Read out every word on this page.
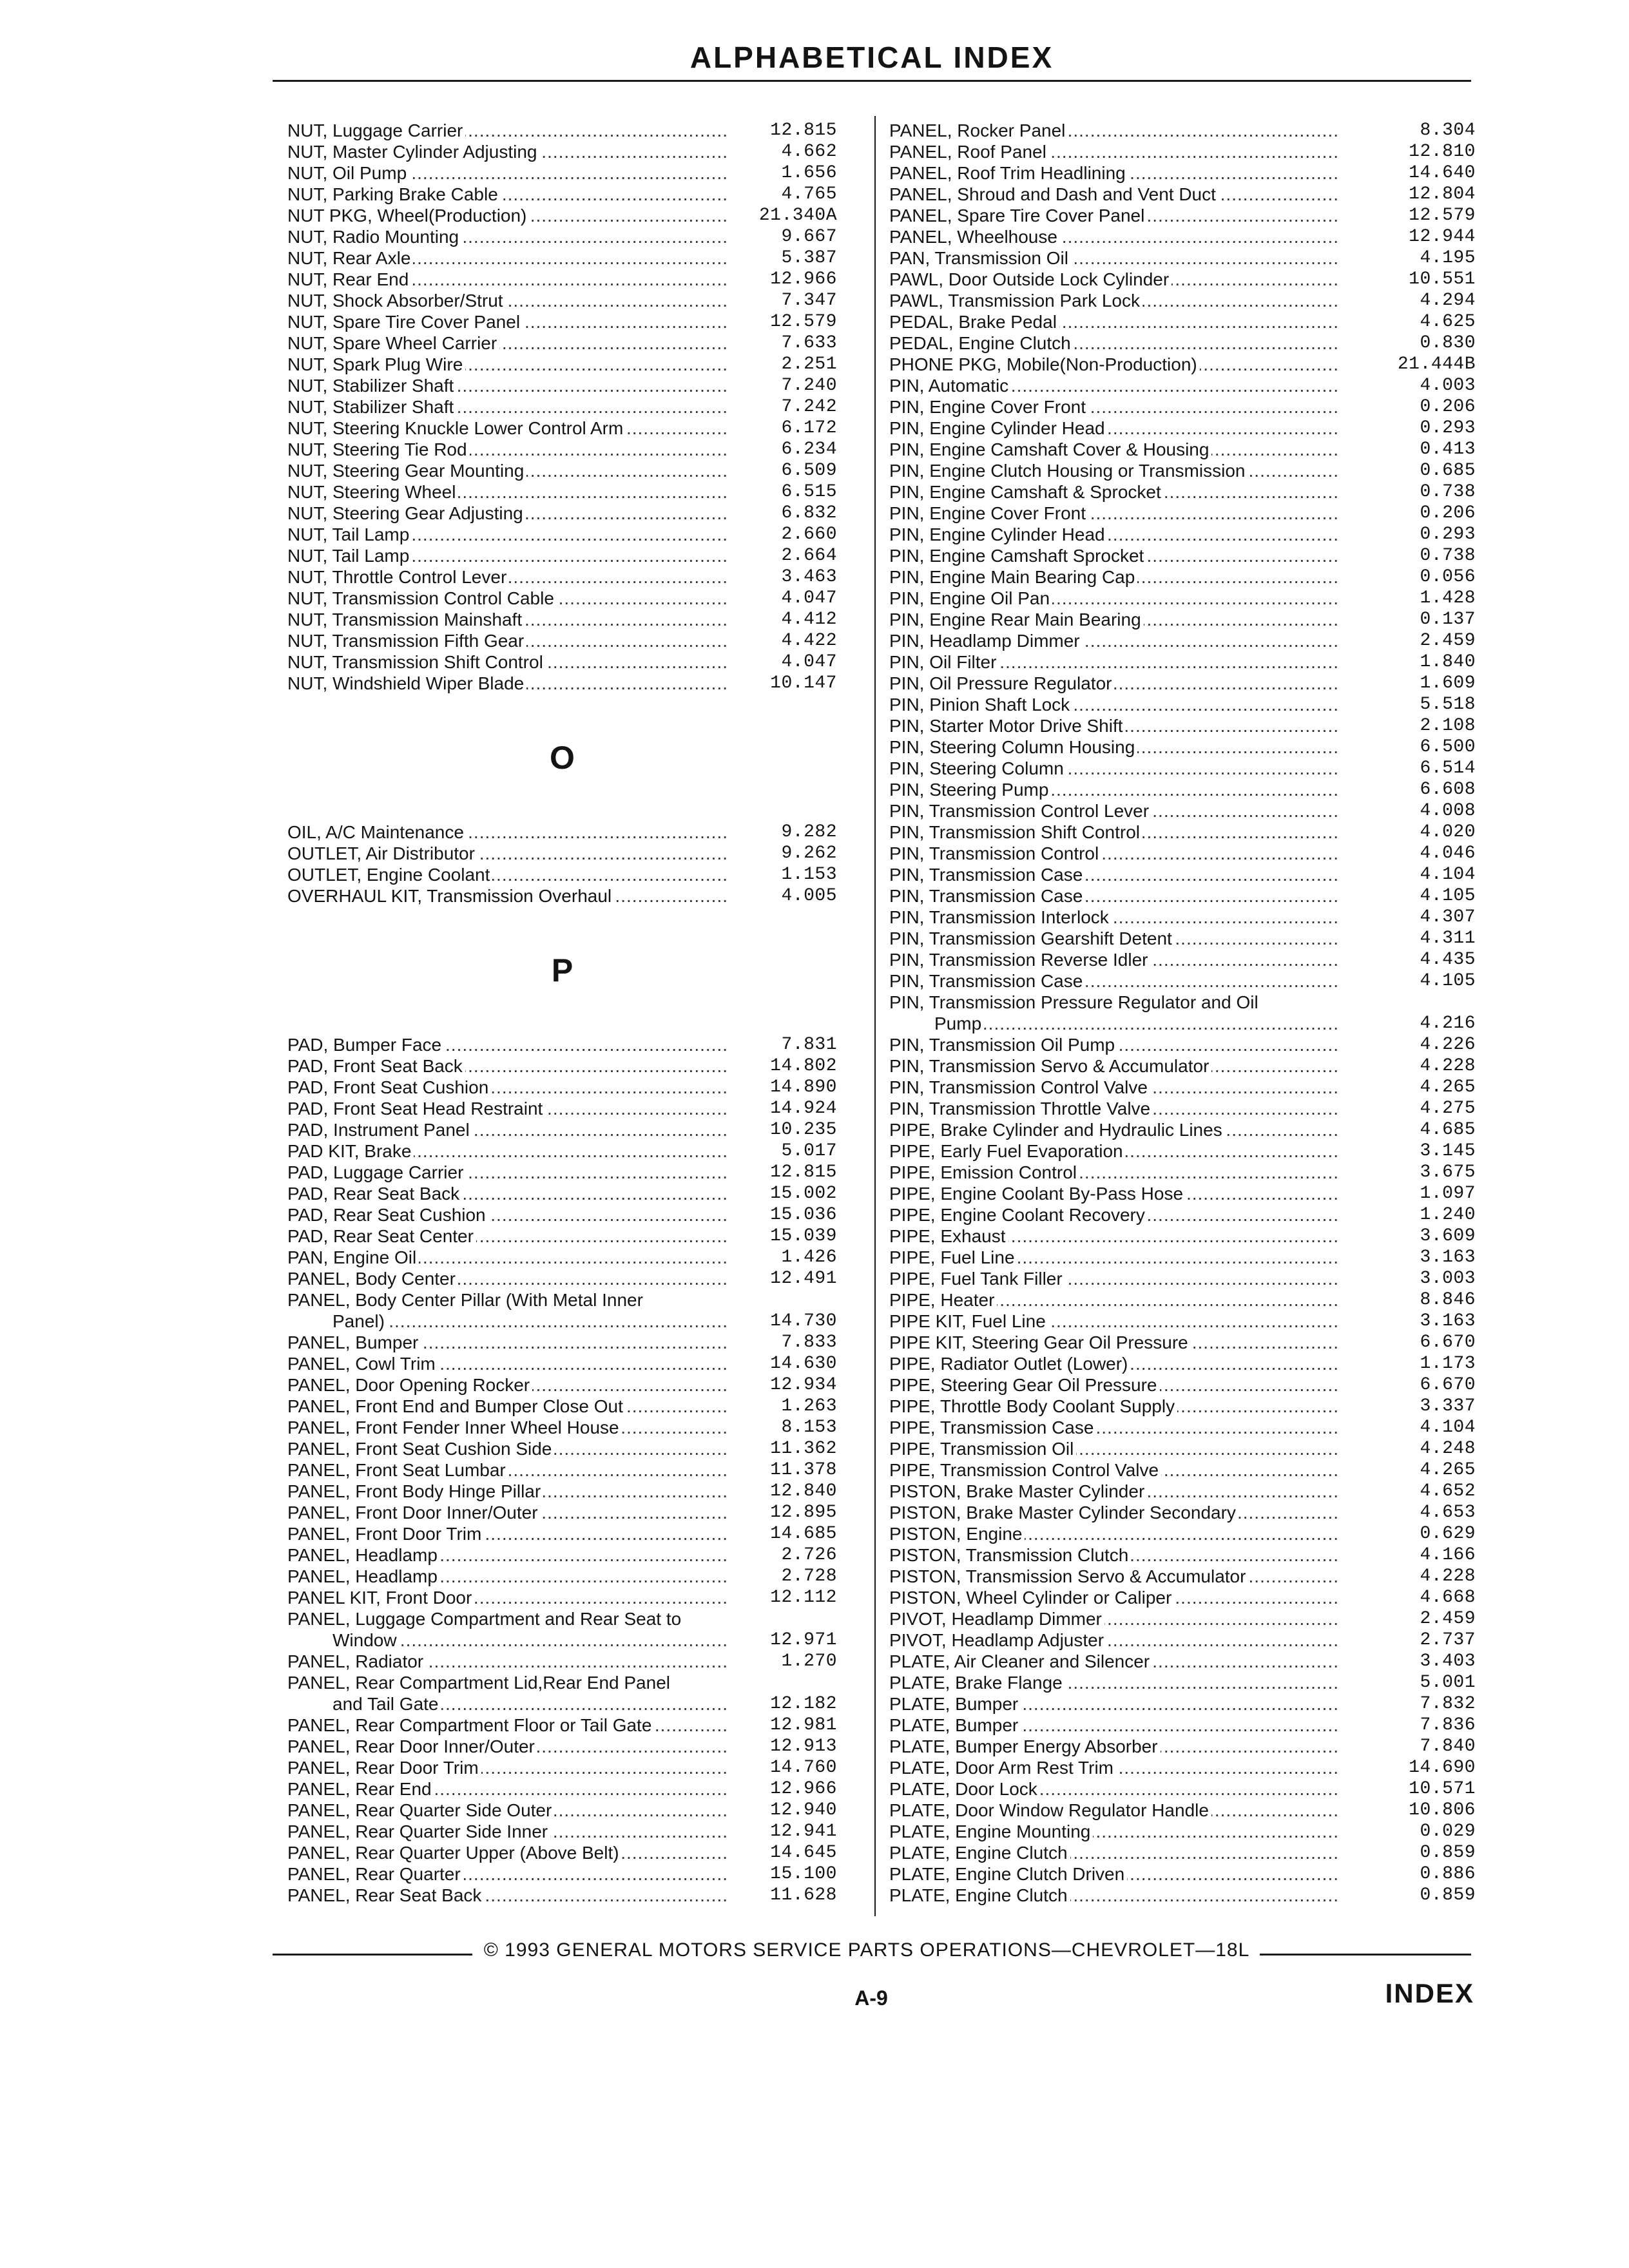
ALPHABETICAL INDEX
NUT, Luggage Carrier .....	12.815
NUT, Master Cylinder Adjusting .....	4.662
NUT, Oil Pump .....	1.656
NUT, Parking Brake Cable .....	4.765
NUT PKG, Wheel(Production) .....	21.340A
NUT, Radio Mounting .....	9.667
NUT, Rear Axle .....	5.387
NUT, Rear End .....	12.966
NUT, Shock Absorber/Strut .....	7.347
NUT, Spare Tire Cover Panel .....	12.579
NUT, Spare Wheel Carrier .....	7.633
NUT, Spark Plug Wire .....	2.251
NUT, Stabilizer Shaft .....	7.240
NUT, Stabilizer Shaft .....	7.242
NUT, Steering Knuckle Lower Control Arm .....	6.172
NUT, Steering Tie Rod .....	6.234
NUT, Steering Gear Mounting .....	6.509
NUT, Steering Wheel .....	6.515
NUT, Steering Gear Adjusting .....	6.832
NUT, Tail Lamp .....	2.660
NUT, Tail Lamp .....	2.664
NUT, Throttle Control Lever .....	3.463
NUT, Transmission Control Cable .....	4.047
NUT, Transmission Mainshaft .....	4.412
NUT, Transmission Fifth Gear .....	4.422
NUT, Transmission Shift Control .....	4.047
NUT, Windshield Wiper Blade .....	10.147
O
OIL, A/C Maintenance .....	9.282
OUTLET, Air Distributor .....	9.262
OUTLET, Engine Coolant .....	1.153
OVERHAUL KIT, Transmission Overhaul .....	4.005
P
PAD, Bumper Face .....	7.831
PAD, Front Seat Back .....	14.802
PAD, Front Seat Cushion .....	14.890
PAD, Front Seat Head Restraint .....	14.924
PAD, Instrument Panel .....	10.235
PAD KIT, Brake .....	5.017
PAD, Luggage Carrier .....	12.815
PAD, Rear Seat Back .....	15.002
PAD, Rear Seat Cushion .....	15.036
PAD, Rear Seat Center .....	15.039
PAN, Engine Oil .....	1.426
PANEL, Body Center .....	12.491
PANEL, Body Center Pillar (With Metal Inner
Panel) .....	14.730
PANEL, Bumper .....	7.833
PANEL, Cowl Trim .....	14.630
PANEL, Door Opening Rocker .....	12.934
PANEL, Front End and Bumper Close Out .....	1.263
PANEL, Front Fender Inner Wheel House .....	8.153
PANEL, Front Seat Cushion Side .....	11.362
PANEL, Front Seat Lumbar .....	11.378
PANEL, Front Body Hinge Pillar .....	12.840
PANEL, Front Door Inner/Outer .....	12.895
PANEL, Front Door Trim .....	14.685
PANEL, Headlamp .....	2.726
PANEL, Headlamp .....	2.728
PANEL KIT, Front Door .....	12.112
PANEL, Luggage Compartment and Rear Seat to
Window .....	12.971
PANEL, Radiator .....	1.270
PANEL, Rear Compartment Lid,Rear End Panel
and Tail Gate .....	12.182
PANEL, Rear Compartment Floor or Tail Gate .....	12.981
PANEL, Rear Door Inner/Outer .....	12.913
PANEL, Rear Door Trim .....	14.760
PANEL, Rear End .....	12.966
PANEL, Rear Quarter Side Outer .....	12.940
PANEL, Rear Quarter Side Inner .....	12.941
PANEL, Rear Quarter Upper (Above Belt) .....	14.645
PANEL, Rear Quarter .....	15.100
PANEL, Rear Seat Back .....	11.628
PANEL, Rocker Panel .....	8.304
PANEL, Roof Panel .....	12.810
PANEL, Roof Trim Headlining .....	14.640
PANEL, Shroud and Dash and Vent Duct .....	12.804
PANEL, Spare Tire Cover Panel .....	12.579
PANEL, Wheelhouse .....	12.944
PAN, Transmission Oil .....	4.195
PAWL, Door Outside Lock Cylinder .....	10.551
PAWL, Transmission Park Lock .....	4.294
PEDAL, Brake Pedal .....	4.625
PEDAL, Engine Clutch .....	0.830
PHONE PKG, Mobile(Non-Production) .....	21.444B
PIN, Automatic .....	4.003
PIN, Engine Cover Front .....	0.206
PIN, Engine Cylinder Head .....	0.293
PIN, Engine Camshaft Cover & Housing .....	0.413
PIN, Engine Clutch Housing or Transmission .....	0.685
PIN, Engine Camshaft & Sprocket .....	0.738
PIN, Engine Cover Front .....	0.206
PIN, Engine Cylinder Head .....	0.293
PIN, Engine Camshaft Sprocket .....	0.738
PIN, Engine Main Bearing Cap .....	0.056
PIN, Engine Oil Pan .....	1.428
PIN, Engine Rear Main Bearing .....	0.137
PIN, Headlamp Dimmer .....	2.459
PIN, Oil Filter .....	1.840
PIN, Oil Pressure Regulator .....	1.609
PIN, Pinion Shaft Lock .....	5.518
PIN, Starter Motor Drive Shift .....	2.108
PIN, Steering Column Housing .....	6.500
PIN, Steering Column .....	6.514
PIN, Steering Pump .....	6.608
PIN, Transmission Control Lever .....	4.008
PIN, Transmission Shift Control .....	4.020
PIN, Transmission Control .....	4.046
PIN, Transmission Case .....	4.104
PIN, Transmission Case .....	4.105
PIN, Transmission Interlock .....	4.307
PIN, Transmission Gearshift Detent .....	4.311
PIN, Transmission Reverse Idler .....	4.435
PIN, Transmission Case .....	4.105
PIN, Transmission Pressure Regulator and Oil
Pump .....	4.216
PIN, Transmission Oil Pump .....	4.226
PIN, Transmission Servo & Accumulator .....	4.228
PIN, Transmission Control Valve .....	4.265
PIN, Transmission Throttle Valve .....	4.275
PIPE, Brake Cylinder and Hydraulic Lines .....	4.685
PIPE, Early Fuel Evaporation .....	3.145
PIPE, Emission Control .....	3.675
PIPE, Engine Coolant By-Pass Hose .....	1.097
PIPE, Engine Coolant Recovery .....	1.240
PIPE, Exhaust .....	3.609
PIPE, Fuel Line .....	3.163
PIPE, Fuel Tank Filler .....	3.003
PIPE, Heater .....	8.846
PIPE KIT, Fuel Line .....	3.163
PIPE KIT, Steering Gear Oil Pressure .....	6.670
PIPE, Radiator Outlet (Lower) .....	1.173
PIPE, Steering Gear Oil Pressure .....	6.670
PIPE, Throttle Body Coolant Supply .....	3.337
PIPE, Transmission Case .....	4.104
PIPE, Transmission Oil .....	4.248
PIPE, Transmission Control Valve .....	4.265
PISTON, Brake Master Cylinder .....	4.652
PISTON, Brake Master Cylinder Secondary .....	4.653
PISTON, Engine .....	0.629
PISTON, Transmission Clutch .....	4.166
PISTON, Transmission Servo & Accumulator .....	4.228
PISTON, Wheel Cylinder or Caliper .....	4.668
PIVOT, Headlamp Dimmer .....	2.459
PIVOT, Headlamp Adjuster .....	2.737
PLATE, Air Cleaner and Silencer .....	3.403
PLATE, Brake Flange .....	5.001
PLATE, Bumper .....	7.832
PLATE, Bumper .....	7.836
PLATE, Bumper Energy Absorber .....	7.840
PLATE, Door Arm Rest Trim .....	14.690
PLATE, Door Lock .....	10.571
PLATE, Door Window Regulator Handle .....	10.806
PLATE, Engine Mounting .....	0.029
PLATE, Engine Clutch .....	0.859
PLATE, Engine Clutch Driven .....	0.886
PLATE, Engine Clutch .....	0.859
© 1993 GENERAL MOTORS SERVICE PARTS OPERATIONS—CHEVROLET—18L
A-9	INDEX
